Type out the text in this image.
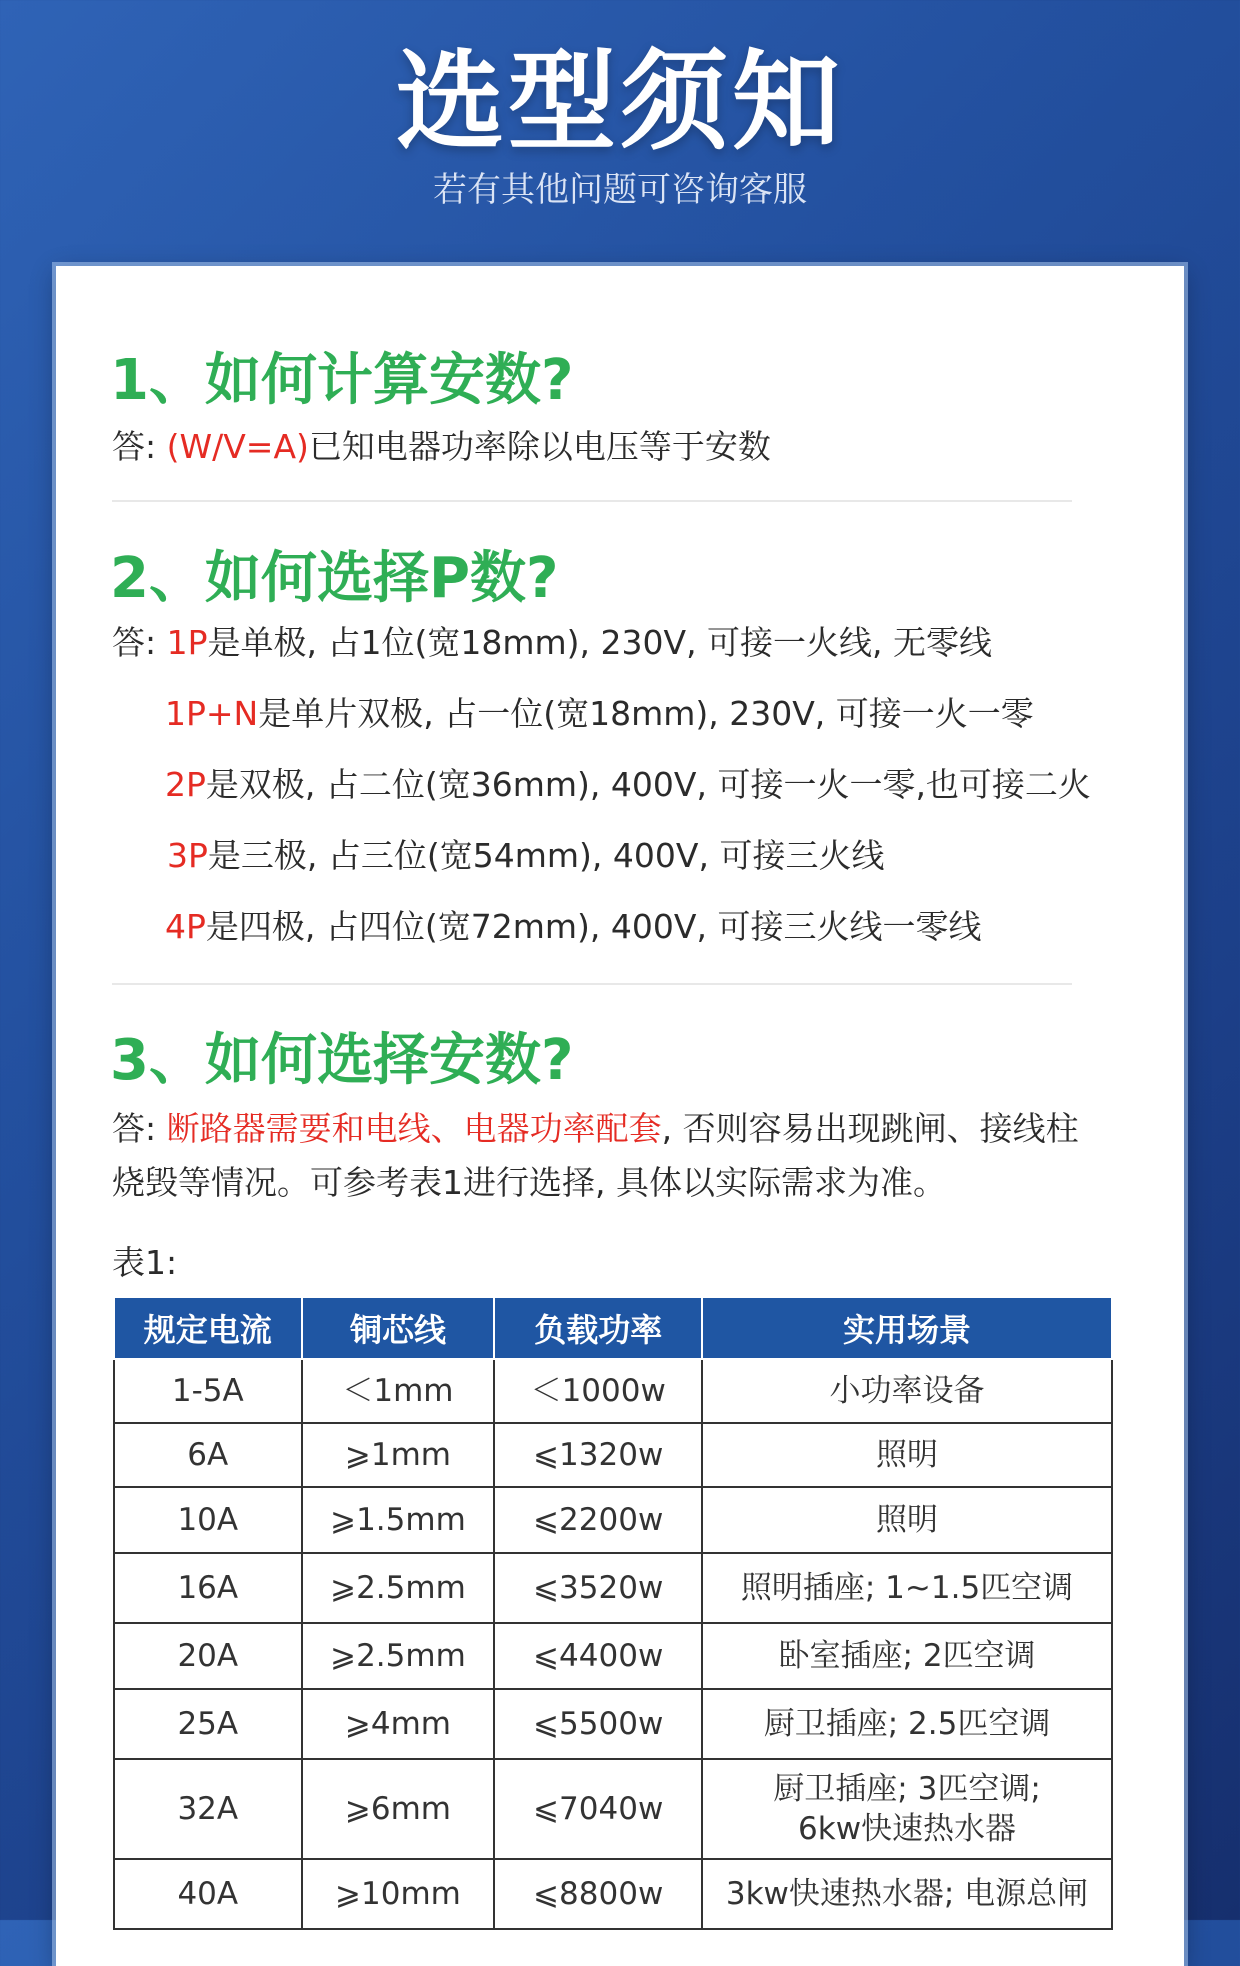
选型须知
若有其他问题可咨询客服
1、如何计算安数?
答: (W/V=A)已知电器功率除以电压等于安数
2、如何选择P数?
答: 1P是单极, 占1位(宽18mm), 230V, 可接一火线, 无零线
1P+N是单片双极, 占一位(宽18mm), 230V, 可接一火一零
2P是双极, 占二位(宽36mm), 400V, 可接一火一零,也可接二火
3P是三极, 占三位(宽54mm), 400V, 可接三火线
4P是四极, 占四位(宽72mm), 400V, 可接三火线一零线
3、如何选择安数?
答: 断路器需要和电线、电器功率配套, 否则容易出现跳闸、接线柱
烧毁等情况。可参考表1进行选择, 具体以实际需求为准。
表1:
规定电流	铜芯线	负载功率	实用场景
1-5A	＜1mm	＜1000w	小功率设备
6A	⩾1mm	⩽1320w	照明
10A	⩾1.5mm	⩽2200w	照明
16A	⩾2.5mm	⩽3520w	照明插座; 1~1.5匹空调
20A	⩾2.5mm	⩽4400w	卧室插座; 2匹空调
25A	⩾4mm	⩽5500w	厨卫插座; 2.5匹空调
32A	⩾6mm	⩽7040w	厨卫插座; 3匹空调;
6kw快速热水器

40A	⩾10mm	⩽8800w	3kw快速热水器; 电源总闸
